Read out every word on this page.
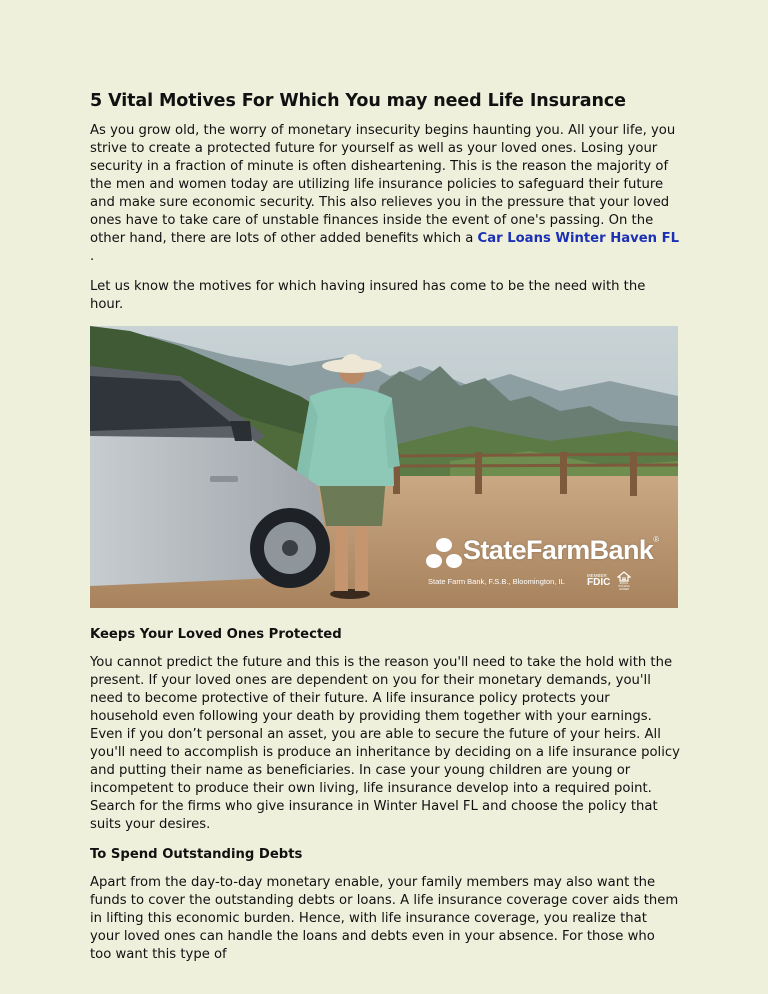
5 Vital Motives For Which You may need Life Insurance

As you grow old, the worry of monetary insecurity begins haunting you. All your life, you strive to create a protected future for yourself as well as your loved ones. Losing your security in a fraction of minute is often disheartening. This is the reason the majority of the men and women today are utilizing life insurance policies to safeguard their future and make sure economic security. This also relieves you in the pressure that your loved ones have to take care of unstable finances inside the event of one's passing. On the other hand, there are lots of other added benefits which a Car Loans Winter Haven FL .

Let us know the motives for which having insured has come to be the need with the hour.

StateFarmBank®
State Farm Bank, F.S.B., Bloomington, IL
MEMBER
FDIC	EQUAL HOUSING LENDER
Keeps Your Loved Ones Protected

You cannot predict the future and this is the reason you'll need to take the hold with the present. If your loved ones are dependent on you for their monetary demands, you'll need to become protective of their future. A life insurance policy protects your household even following your death by providing them together with your earnings. Even if you don’t personal an asset, you are able to secure the future of your heirs. All you'll need to accomplish is produce an inheritance by deciding on a life insurance policy and putting their name as beneficiaries. In case your young children are young or incompetent to produce their own living, life insurance develop into a required point. Search for the firms who give insurance in Winter Havel FL and choose the policy that suits your desires.

To Spend Outstanding Debts

Apart from the day-to-day monetary enable, your family members may also want the funds to cover the outstanding debts or loans. A life insurance coverage cover aids them in lifting this economic burden. Hence, with life insurance coverage, you realize that your loved ones can handle the loans and debts even in your absence. For those who too want this type of
